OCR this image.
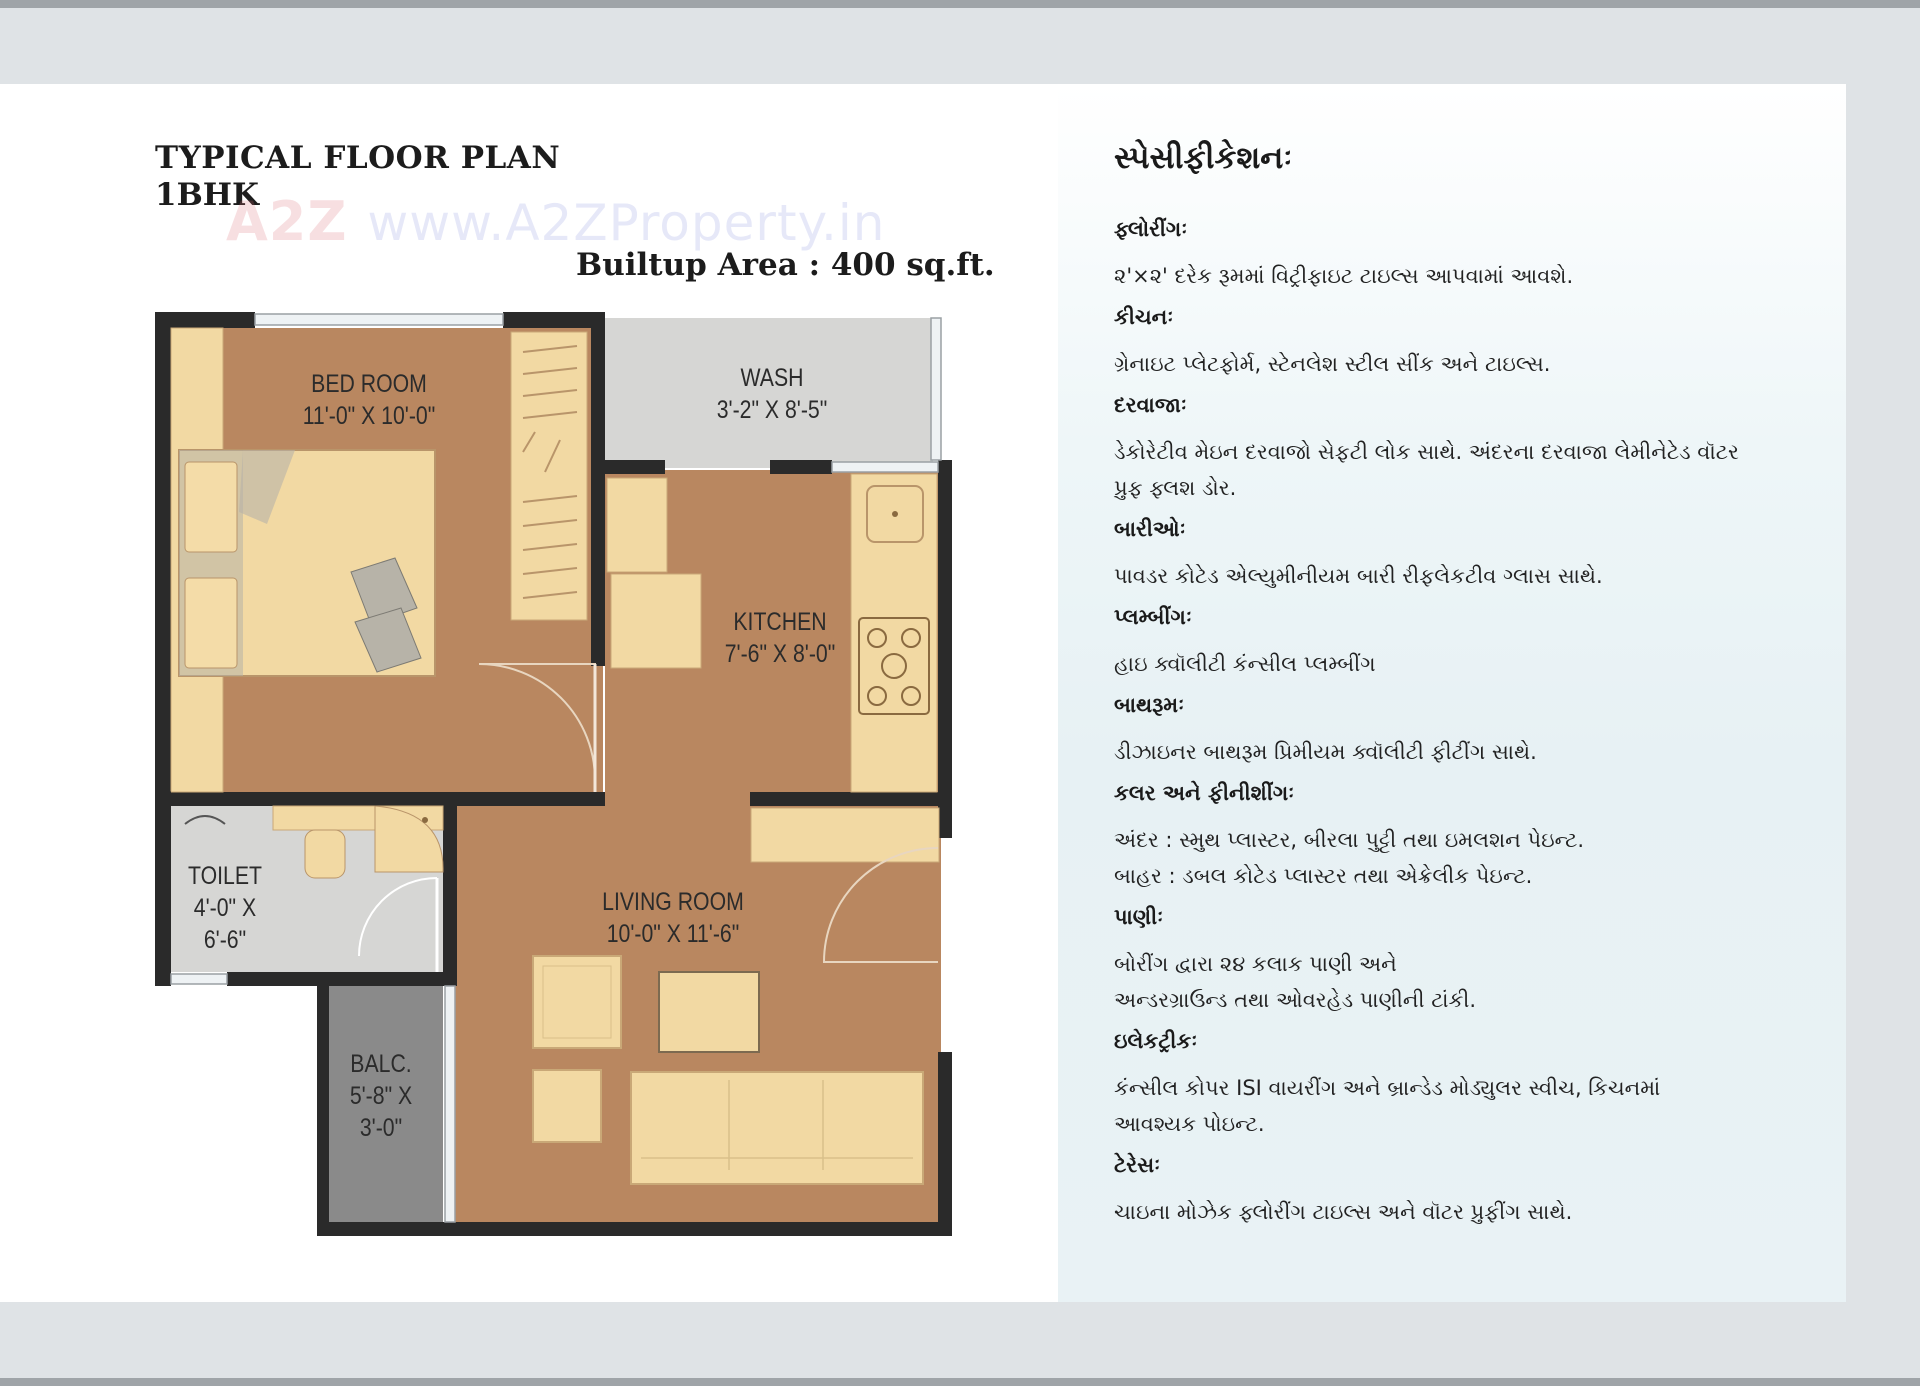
TYPICAL FLOOR PLAN
1BHK
A2Z www.A2ZProperty.in
Builtup Area : 400 sq.ft.
BED ROOM
11'-0" X 10'-0"
WASH
3'-2" X 8'-5"
KITCHEN
7'-6" X 8'-0"
TOILET
4'-0" X
6'-6"
LIVING ROOM
10'-0" X 11'-6"
BALC.
5'-8" X
3'-0"
સ્પેસીફીકેશનઃ
ફ્લોરીંગઃ
૨'×૨' દરેક રૂમમાં વિટ્રીફાઇટ ટાઇલ્સ આપવામાં આવશે.
કીચનઃ
ગ્રેનાઇટ પ્લેટફોર્મ, સ્ટેનલેશ સ્ટીલ સીંક અને ટાઇલ્સ.
દરવાજાઃ
ડેકોરેટીવ મેઇન દરવાજો સેફટી લોક સાથે. અંદરના દરવાજા લેમીનેટેડ વૉટર
પ્રુફ ફ્લશ ડોર.
બારીઓઃ
પાવડર કોટેડ એલ્યુમીનીયમ બારી રીફલેકટીવ ગ્લાસ સાથે.
પ્લમ્બીંગઃ
હાઇ ક્વૉલીટી કંન્સીલ પ્લમ્બીંગ
બાથરૂમઃ
ડીઝાઇનર બાથરૂમ પ્રિમીયમ ક્વૉલીટી ફીટીંગ સાથે.
કલર અને ફીનીશીંગઃ
અંદર : સ્મુથ પ્લાસ્ટર, બીરલા પુટ્ટી તથા ઇમલશન પેઇન્ટ.
બાહર : ડબલ કોટેડ પ્લાસ્ટર તથા એક્રેલીક પેઇન્ટ.
પાણીઃ
બોરીંગ દ્વારા ૨૪ કલાક પાણી અને
અન્ડરગ્રાઉન્ડ તથા ઓવરહેડ પાણીની ટાંકી.
ઇલેકટ્રીકઃ
કંન્સીલ કોપર ISI વાયરીંગ અને બ્રાન્ડેડ મોડ્યુલર સ્વીચ, કિચનમાં
આવશ્યક પોઇન્ટ.
ટેરેસઃ
ચાઇના મોઝેક ફ્લોરીંગ ટાઇલ્સ અને વૉટર પ્રુફીંગ સાથે.
